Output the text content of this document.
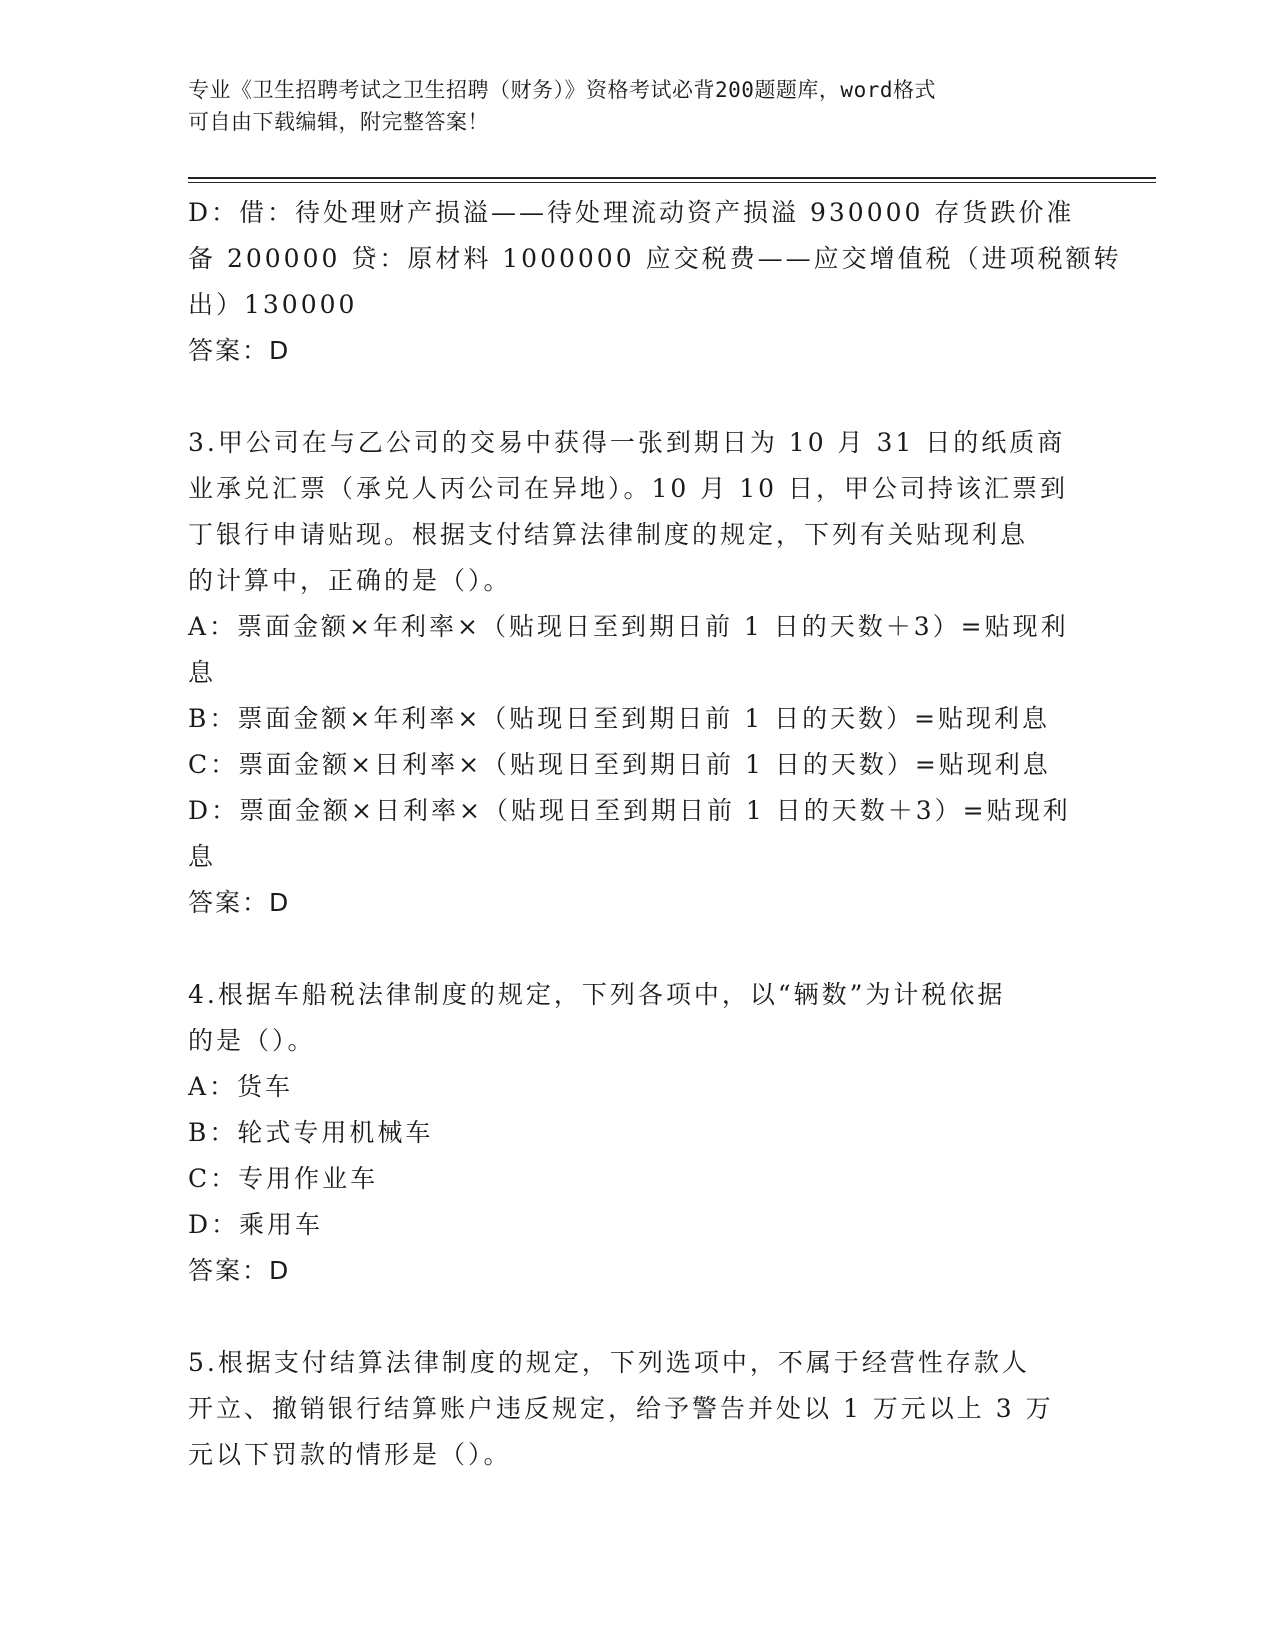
专业《卫生招聘考试之卫生招聘（财务）》资格考试必背200题题库，word格式
可自由下载编辑，附完整答案！
D：借：待处理财产损溢——待处理流动资产损溢 930000 存货跌价准
备 200000 贷：原材料 1000000 应交税费——应交增值税（进项税额转
出）130000
答案：D
3.甲公司在与乙公司的交易中获得一张到期日为 10 月 31 日的纸质商
业承兑汇票（承兑人丙公司在异地）。10 月 10 日，甲公司持该汇票到
丁银行申请贴现。根据支付结算法律制度的规定，下列有关贴现利息
的计算中，正确的是（）。
A：票面金额×年利率×（贴现日至到期日前 1 日的天数＋3）=贴现利
息
B：票面金额×年利率×（贴现日至到期日前 1 日的天数）=贴现利息
C：票面金额×日利率×（贴现日至到期日前 1 日的天数）=贴现利息
D：票面金额×日利率×（贴现日至到期日前 1 日的天数＋3）=贴现利
息
答案：D
4.根据车船税法律制度的规定，下列各项中，以“辆数”为计税依据
的是（）。
A：货车
B：轮式专用机械车
C：专用作业车
D：乘用车
答案：D
5.根据支付结算法律制度的规定，下列选项中，不属于经营性存款人
开立、撤销银行结算账户违反规定，给予警告并处以 1 万元以上 3 万
元以下罚款的情形是（）。
